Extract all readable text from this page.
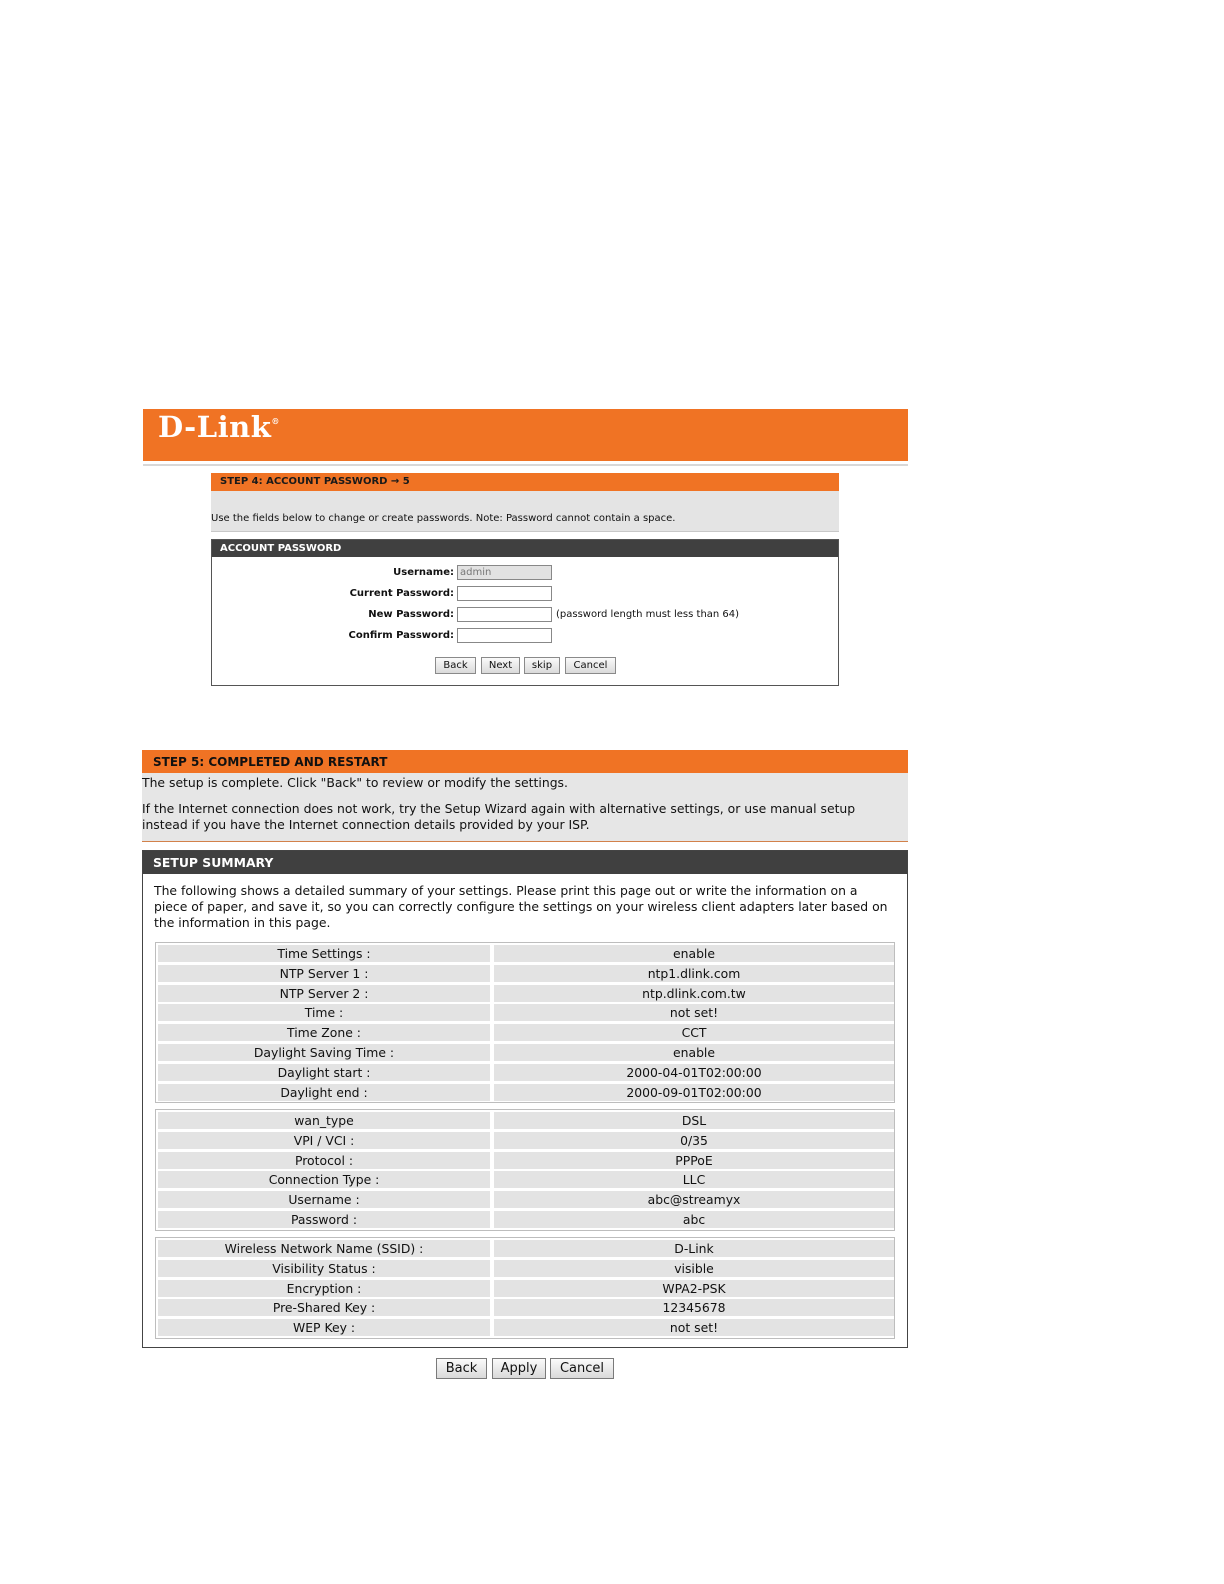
D-Link®
STEP 4: ACCOUNT PASSWORD → 5
Use the fields below to change or create passwords. Note: Password cannot contain a space.
ACCOUNT PASSWORD
Username: admin
Current Password:
New Password:	(password length must less than 64)
Confirm Password:
Back	Next	skip	Cancel
STEP 5: COMPLETED AND RESTART

The setup is complete. Click "Back" to review or modify the settings.

If the Internet connection does not work, try the Setup Wizard again with alternative settings, or use manual setup instead if you have the Internet connection details provided by your ISP.

SETUP SUMMARY
The following shows a detailed summary of your settings. Please print this page out or write the information on a piece of paper, and save it, so you can correctly configure the settings on your wireless client adapters later based on the information in this page.
Time Settings :	enable
NTP Server 1 :	ntp1.dlink.com
NTP Server 2 :	ntp.dlink.com.tw
Time :	not set!
Time Zone :	CCT
Daylight Saving Time :	enable
Daylight start :	2000-04-01T02:00:00
Daylight end :	2000-09-01T02:00:00
wan_type	DSL
VPI / VCI :	0/35
Protocol :	PPPoE
Connection Type :	LLC
Username :	abc@streamyx
Password :	abc
Wireless Network Name (SSID) :	D-Link
Visibility Status :	visible
Encryption :	WPA2-PSK
Pre-Shared Key :	12345678
WEP Key :	not set!
Back	Apply	Cancel
